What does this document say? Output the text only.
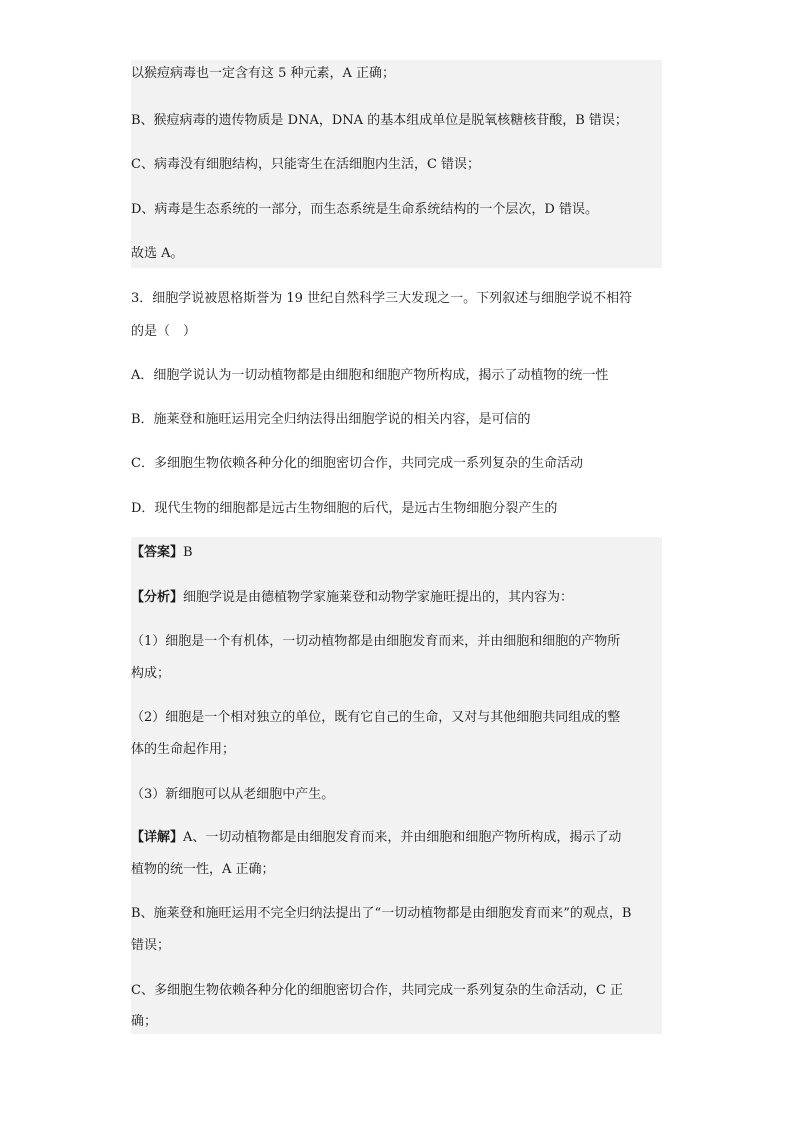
以猴痘病毒也一定含有这 5 种元素，A 正确；
B、猴痘病毒的遗传物质是 DNA，DNA 的基本组成单位是脱氧核糖核苷酸，B 错误；
C、病毒没有细胞结构，只能寄生在活细胞内生活，C 错误；
D、病毒是生态系统的一部分，而生态系统是生命系统结构的一个层次，D 错误。
故选 A。
3．细胞学说被恩格斯誉为 19 世纪自然科学三大发现之一。下列叙述与细胞学说不相符
的是（　）
A．细胞学说认为一切动植物都是由细胞和细胞产物所构成，揭示了动植物的统一性
B．施莱登和施旺运用完全归纳法得出细胞学说的相关内容，是可信的
C．多细胞生物依赖各种分化的细胞密切合作，共同完成一系列复杂的生命活动
D．现代生物的细胞都是远古生物细胞的后代，是远古生物细胞分裂产生的
【答案】B
【分析】细胞学说是由德植物学家施莱登和动物学家施旺提出的，其内容为：
（1）细胞是一个有机体，一切动植物都是由细胞发育而来，并由细胞和细胞的产物所
构成；
（2）细胞是一个相对独立的单位，既有它自己的生命，又对与其他细胞共同组成的整
体的生命起作用；
（3）新细胞可以从老细胞中产生。
【详解】A、一切动植物都是由细胞发育而来，并由细胞和细胞产物所构成，揭示了动
植物的统一性，A 正确；
B、施莱登和施旺运用不完全归纳法提出了“一切动植物都是由细胞发育而来”的观点，B
错误；
C、多细胞生物依赖各种分化的细胞密切合作，共同完成一系列复杂的生命活动，C 正
确；
